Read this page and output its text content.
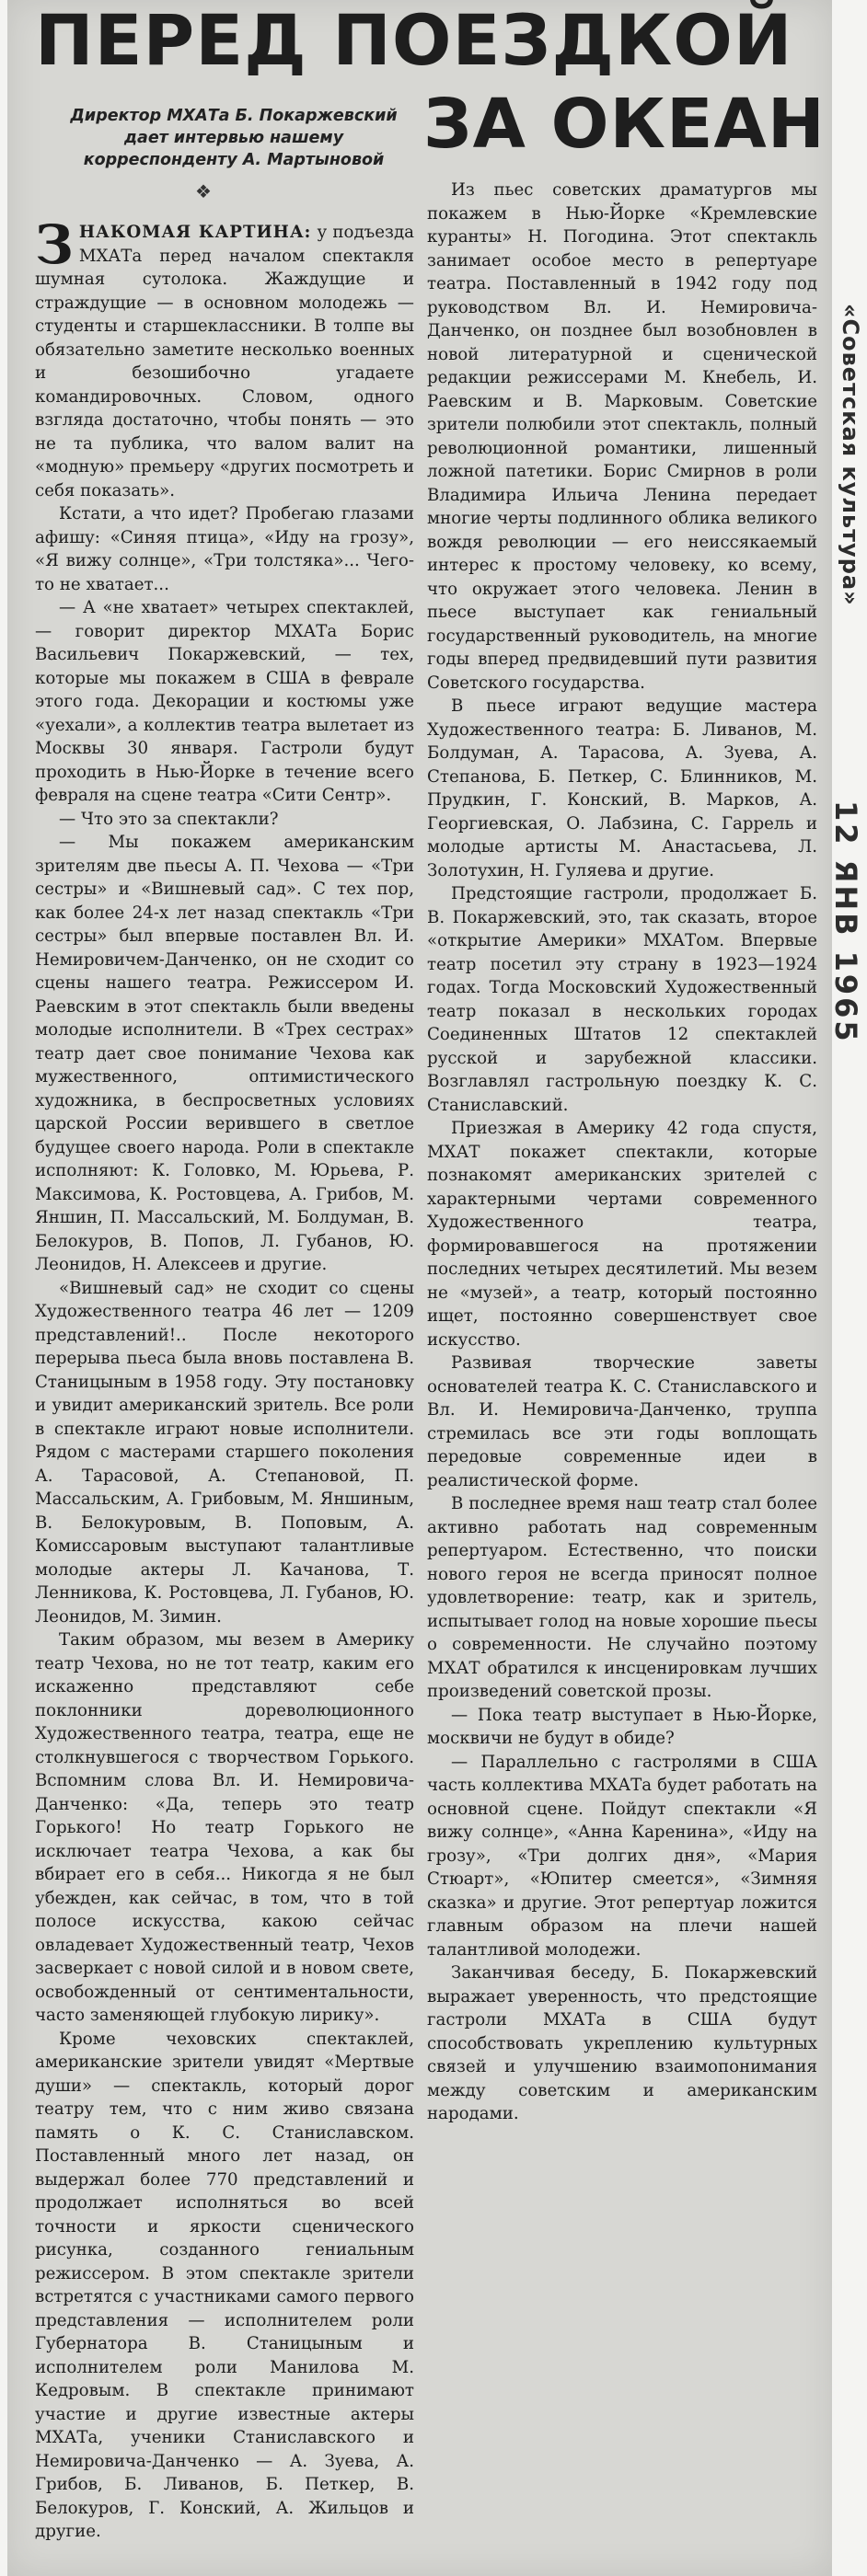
ПЕРЕД ПОЕЗДКОЙ
ЗА ОКЕАН
Директор МХАТа Б. Покаржевский дает интервью нашему корреспонденту А. Мартыновой
❖

ЗНАКОМАЯ КАРТИНА: у подъезда МХАТа перед началом спектакля шумная сутолока. Жаждущие и страждущие — в основном молодежь — студенты и старшеклассники. В толпе вы обязательно заметите несколько военных и безошибочно угадаете командировочных. Словом, одного взгляда достаточно, чтобы понять — это не та публика, что валом валит на «модную» премьеру «других посмотреть и себя показать».

Кстати, а что идет? Пробегаю глазами афишу: «Синяя птица», «Иду на грозу», «Я вижу солнце», «Три толстяка»... Чего-то не хватает...

— А «не хватает» четырех спектаклей, — говорит директор МХАТа Борис Васильевич Покаржевский, — тех, которые мы покажем в США в феврале этого года. Декорации и костюмы уже «уехали», а коллектив театра вылетает из Москвы 30 января. Гастроли будут проходить в Нью-Йорке в течение всего февраля на сцене театра «Сити Сентр».

— Что это за спектакли?

— Мы покажем американским зрителям две пьесы А. П. Чехова — «Три сестры» и «Вишневый сад». С тех пор, как более 24-х лет назад спектакль «Три сестры» был впервые поставлен Вл. И. Немировичем-Данченко, он не сходит со сцены нашего театра. Режиссером И. Раевским в этот спектакль были введены молодые исполнители. В «Трех сестрах» театр дает свое понимание Чехова как мужественного, оптимистического художника, в беспросветных условиях царской России верившего в светлое будущее своего народа. Роли в спектакле исполняют: К. Головко, М. Юрьева, Р. Максимова, К. Ростовцева, А. Грибов, М. Яншин, П. Массальский, М. Болдуман, В. Белокуров, В. Попов, Л. Губанов, Ю. Леонидов, Н. Алексеев и другие.

«Вишневый сад» не сходит со сцены Художественного театра 46 лет — 1209 представлений!.. После некоторого перерыва пьеса была вновь поставлена В. Станицыным в 1958 году. Эту постановку и увидит американский зритель. Все роли в спектакле играют новые исполнители. Рядом с мастерами старшего поколения А. Тарасовой, А. Степановой, П. Массальским, А. Грибовым, М. Яншиным, В. Белокуровым, В. Поповым, А. Комиссаровым выступают талантливые молодые актеры Л. Качанова, Т. Ленникова, К. Ростовцева, Л. Губанов, Ю. Леонидов, М. Зимин.

Таким образом, мы везем в Америку театр Чехова, но не тот театр, каким его искаженно представляют себе поклонники дореволюционного Художественного театра, театра, еще не столкнувшегося с творчеством Горького. Вспомним слова Вл. И. Немировича-Данченко: «Да, теперь это театр Горького! Но театр Горького не исключает театра Чехова, а как бы вбирает его в себя... Никогда я не был убежден, как сейчас, в том, что в той полосе искусства, какою сейчас овладевает Художественный театр, Чехов засверкает с новой силой и в новом свете, освобожденный от сентиментальности, часто заменяющей глубокую лирику».

Кроме чеховских спектаклей, американские зрители увидят «Мертвые души» — спектакль, который дорог театру тем, что с ним живо связана память о К. С. Станиславском. Поставленный много лет назад, он выдержал более 770 представлений и продолжает исполняться во всей точности и яркости сценического рисунка, созданного гениальным режиссером. В этом спектакле зрители встретятся с участниками самого первого представления — исполнителем роли Губернатора В. Станицыным и исполнителем роли Манилова М. Кедровым. В спектакле принимают участие и другие известные актеры МХАТа, ученики Станиславского и Немировича-Данченко — А. Зуева, А. Грибов, Б. Ливанов, Б. Петкер, В. Белокуров, Г. Конский, А. Жильцов и другие.

Из пьес советских драматургов мы покажем в Нью-Йорке «Кремлевские куранты» Н. Погодина. Этот спектакль занимает особое место в репертуаре театра. Поставленный в 1942 году под руководством Вл. И. Немировича-Данченко, он позднее был возобновлен в новой литературной и сценической редакции режиссерами М. Кнебель, И. Раевским и В. Марковым. Советские зрители полюбили этот спектакль, полный революционной романтики, лишенный ложной патетики. Борис Смирнов в роли Владимира Ильича Ленина передает многие черты подлинного облика великого вождя революции — его неиссякаемый интерес к простому человеку, ко всему, что окружает этого человека. Ленин в пьесе выступает как гениальный государственный руководитель, на многие годы вперед предвидевший пути развития Советского государства.

В пьесе играют ведущие мастера Художественного театра: Б. Ливанов, М. Болдуман, А. Тарасова, А. Зуева, А. Степанова, Б. Петкер, С. Блинников, М. Прудкин, Г. Конский, В. Марков, А. Георгиевская, О. Лабзина, С. Гаррель и молодые артисты М. Анастасьева, Л. Золотухин, Н. Гуляева и другие.

Предстоящие гастроли, продолжает Б. В. Покаржевский, это, так сказать, второе «открытие Америки» МХАТом. Впервые театр посетил эту страну в 1923—1924 годах. Тогда Московский Художественный театр показал в нескольких городах Соединенных Штатов 12 спектаклей русской и зарубежной классики. Возглавлял гастрольную поездку К. С. Станиславский.

Приезжая в Америку 42 года спустя, МХАТ покажет спектакли, которые познакомят американских зрителей с характерными чертами современного Художественного театра, формировавшегося на протяжении последних четырех десятилетий. Мы везем не «музей», а театр, который постоянно ищет, постоянно совершенствует свое искусство.

Развивая творческие заветы основателей театра К. С. Станиславского и Вл. И. Немировича-Данченко, труппа стремилась все эти годы воплощать передовые современные идеи в реалистической форме.

В последнее время наш театр стал более активно работать над современным репертуаром. Естественно, что поиски нового героя не всегда приносят полное удовлетворение: театр, как и зритель, испытывает голод на новые хорошие пьесы о современности. Не случайно поэтому МХАТ обратился к инсценировкам лучших произведений советской прозы.

— Пока театр выступает в Нью-Йорке, москвичи не будут в обиде?

— Параллельно с гастролями в США часть коллектива МХАТа будет работать на основной сцене. Пойдут спектакли «Я вижу солнце», «Анна Каренина», «Иду на грозу», «Три долгих дня», «Мария Стюарт», «Юпитер смеется», «Зимняя сказка» и другие. Этот репертуар ложится главным образом на плечи нашей талантливой молодежи.

Заканчивая беседу, Б. Покаржевский выражает уверенность, что предстоящие гастроли МХАТа в США будут способствовать укреплению культурных связей и улучшению взаимопонимания между советским и американским народами.

«Советская культура»
12 ЯНВ 1965
